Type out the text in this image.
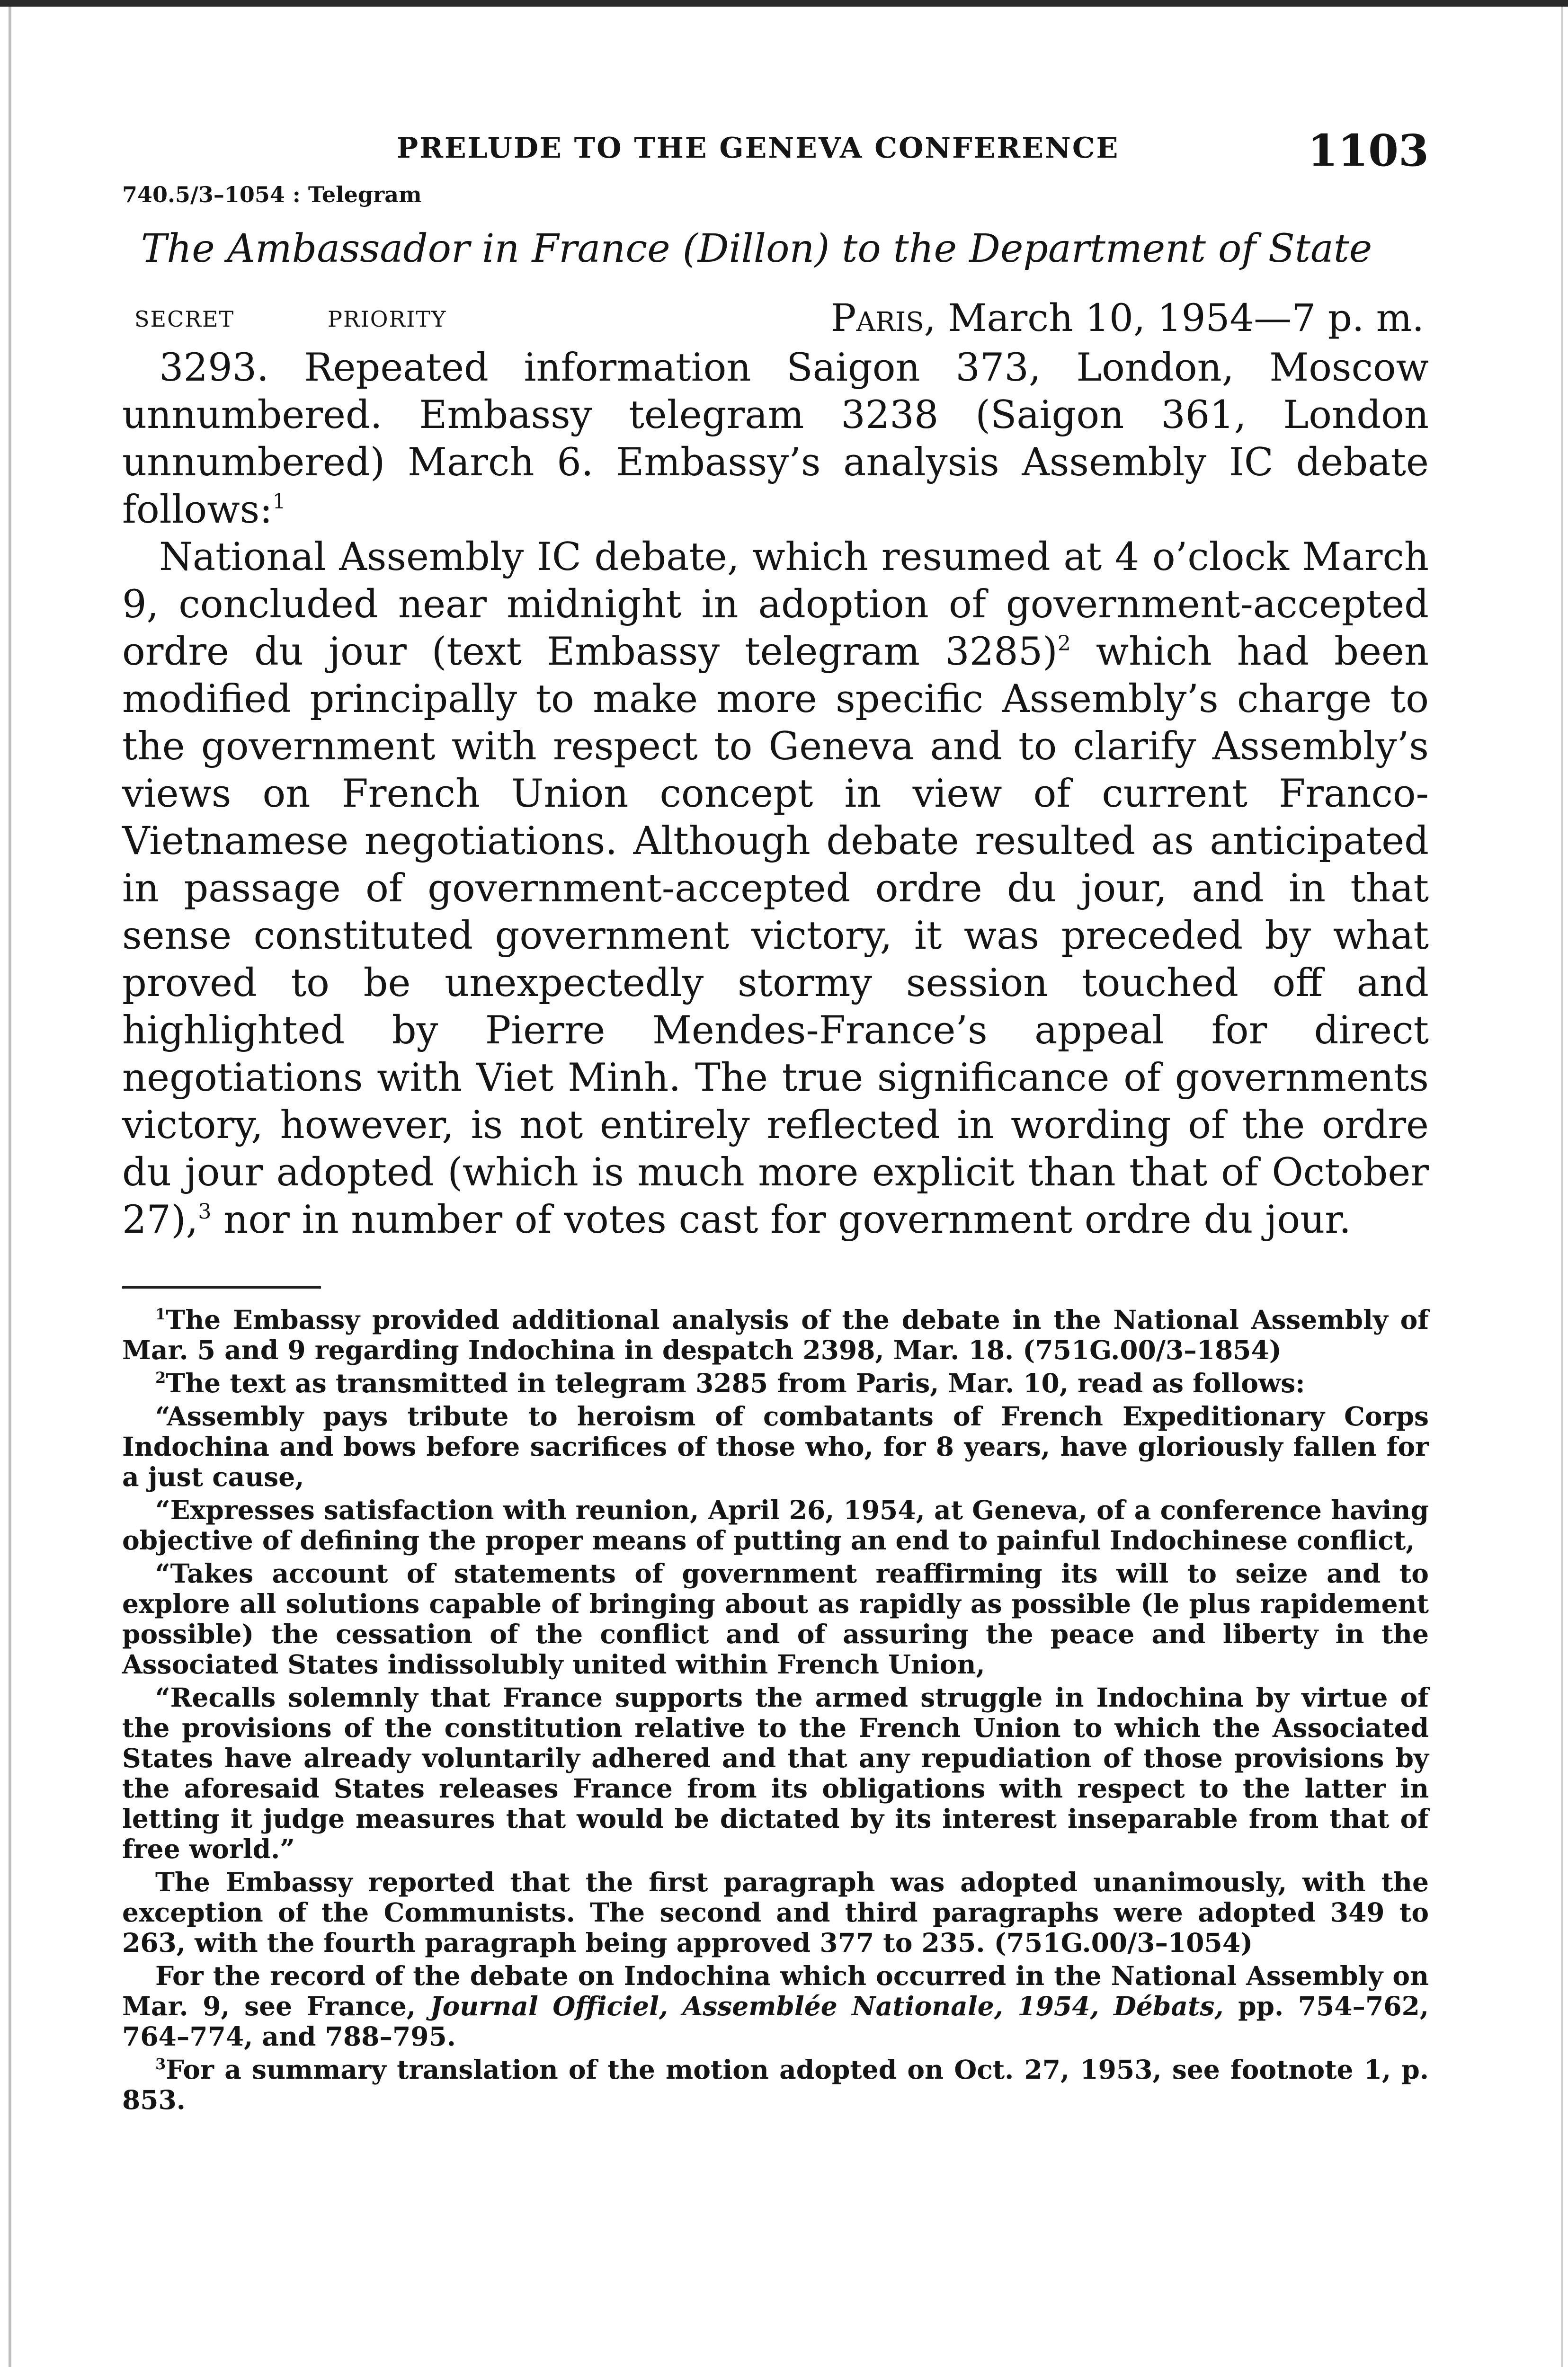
PRELUDE TO THE GENEVA CONFERENCE	1103
740.5/3–1054 : Telegram
The Ambassador in France (Dillon) to the Department of State
SECRET	PRIORITY	Paris, March 10, 1954—7 p. m.

3293. Repeated information Saigon 373, London, Moscow unnumbered. Embassy telegram 3238 (Saigon 361, London unnumbered) March 6. Embassy’s analysis Assembly IC debate follows:$^1$

National Assembly IC debate, which resumed at 4 o’clock March 9, concluded near midnight in adoption of government-accepted ordre du jour (text Embassy telegram 3285)$^2$ which had been modified principally to make more specific Assembly’s charge to the government with respect to Geneva and to clarify Assembly’s views on French Union concept in view of current Franco-Vietnamese negotiations. Although debate resulted as anticipated in passage of government-accepted ordre du jour, and in that sense constituted government victory, it was preceded by what proved to be unexpectedly stormy session touched off and highlighted by Pierre Mendes-France’s appeal for direct negotiations with Viet Minh. The true significance of governments victory, however, is not entirely reflected in wording of the ordre du jour adopted (which is much more explicit than that of October 27),$^3$ nor in number of votes cast for government ordre du jour.

$^1$The Embassy provided additional analysis of the debate in the National Assembly of Mar. 5 and 9 regarding Indochina in despatch 2398, Mar. 18. (751G.00/3–1854)

$^2$The text as transmitted in telegram 3285 from Paris, Mar. 10, read as follows:

“Assembly pays tribute to heroism of combatants of French Expeditionary Corps Indochina and bows before sacrifices of those who, for 8 years, have gloriously fallen for a just cause,

“Expresses satisfaction with reunion, April 26, 1954, at Geneva, of a conference having objective of defining the proper means of putting an end to painful Indochinese conflict,

“Takes account of statements of government reaffirming its will to seize and to explore all solutions capable of bringing about as rapidly as possible (le plus rapidement possible) the cessation of the conflict and of assuring the peace and liberty in the Associated States indissolubly united within French Union,

“Recalls solemnly that France supports the armed struggle in Indochina by virtue of the provisions of the constitution relative to the French Union to which the Associated States have already voluntarily adhered and that any repudiation of those provisions by the aforesaid States releases France from its obligations with respect to the latter in letting it judge measures that would be dictated by its interest inseparable from that of free world.”

The Embassy reported that the first paragraph was adopted unanimously, with the exception of the Communists. The second and third paragraphs were adopted 349 to 263, with the fourth paragraph being approved 377 to 235. (751G.00/3–1054)

For the record of the debate on Indochina which occurred in the National Assembly on Mar. 9, see France, Journal Officiel, Assemblée Nationale, 1954, Débats, pp. 754–762, 764–774, and 788–795.

$^3$For a summary translation of the motion adopted on Oct. 27, 1953, see footnote 1, p. 853.
